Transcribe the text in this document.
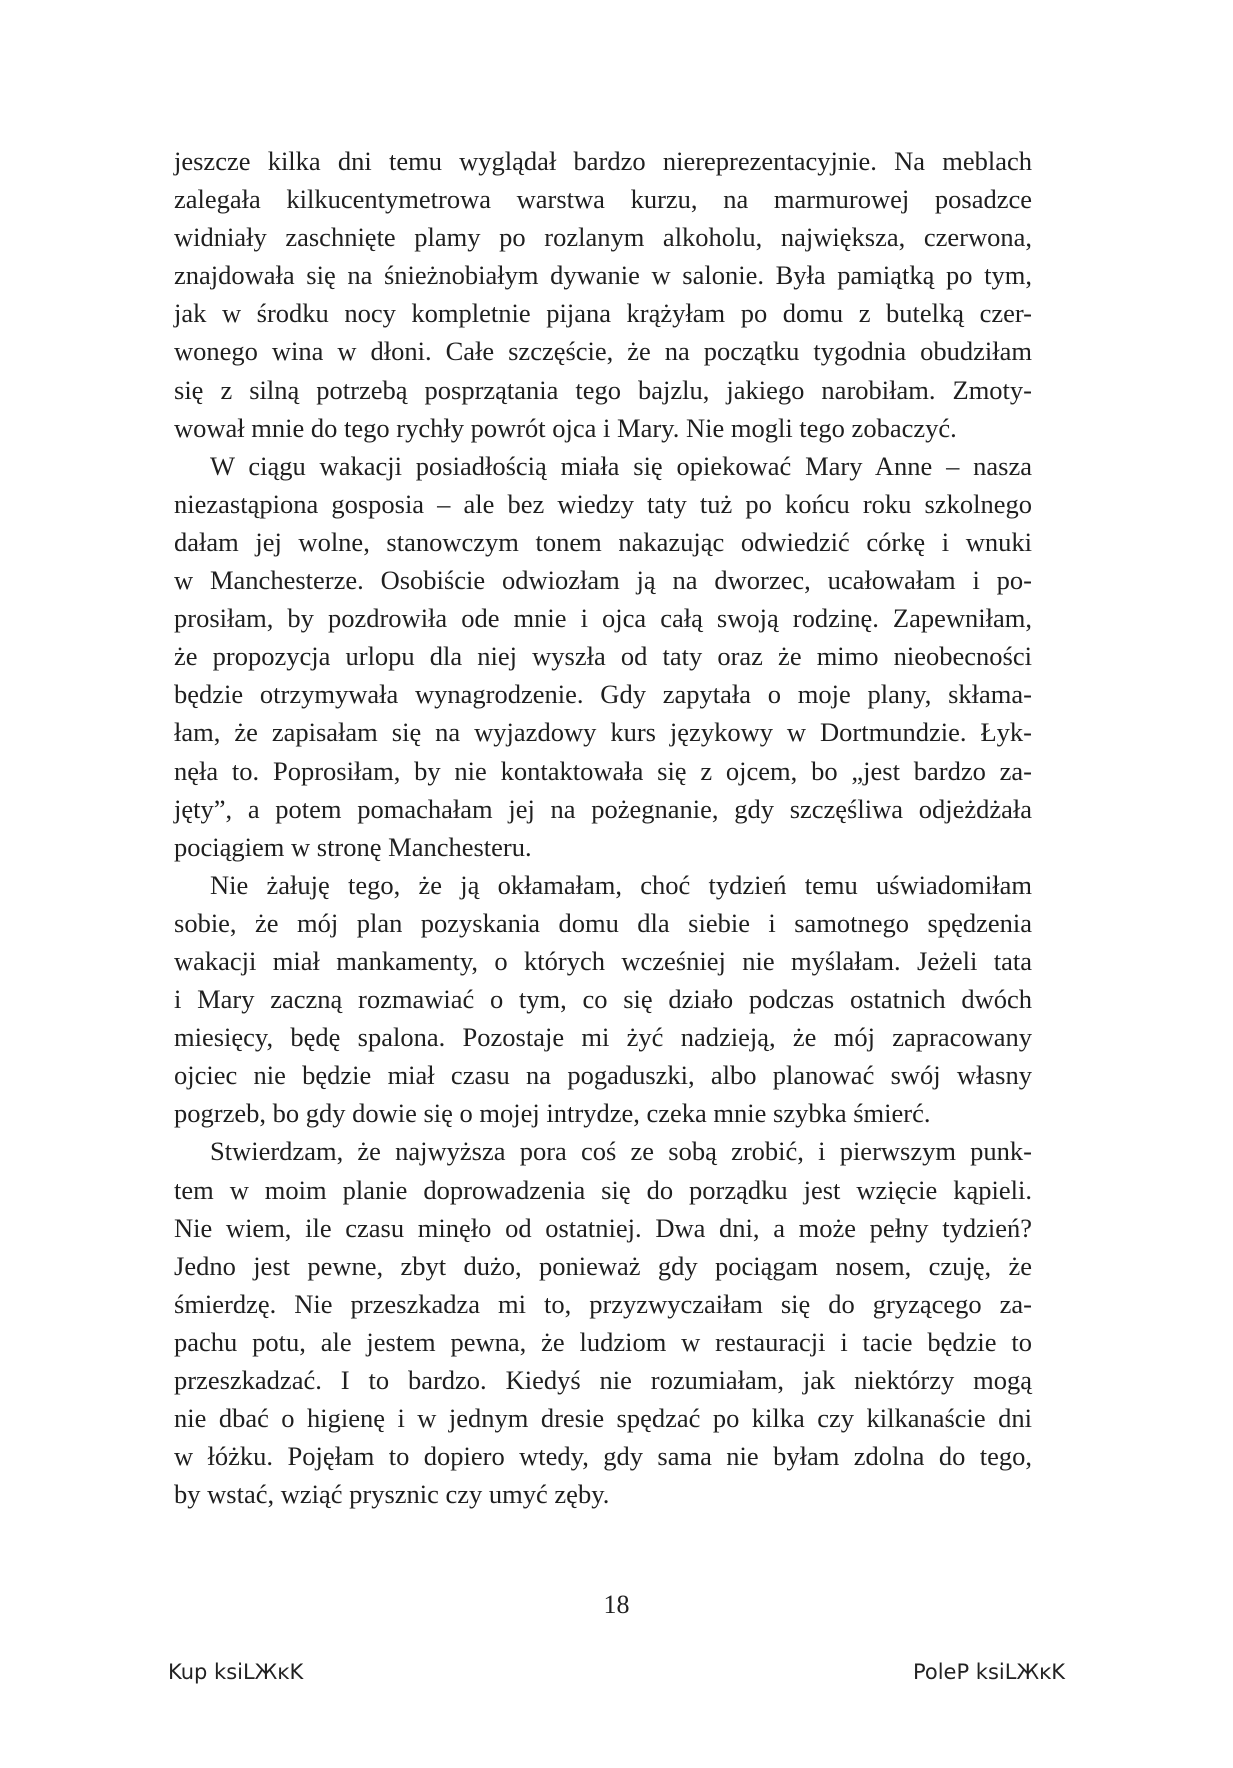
jeszcze kilka dni temu wyglądał bardzo niereprezentacyjnie. Na meblach
zalegała kilkucentymetrowa warstwa kurzu, na marmurowej posadzce
widniały zaschnięte plamy po rozlanym alkoholu, największa, czerwona,
znajdowała się na śnieżnobiałym dywanie w salonie. Była pamiątką po tym,
jak w środku nocy kompletnie pijana krążyłam po domu z butelką czer-
wonego wina w dłoni. Całe szczęście, że na początku tygodnia obudziłam
się z silną potrzebą posprzątania tego bajzlu, jakiego narobiłam. Zmoty-
wował mnie do tego rychły powrót ojca i Mary. Nie mogli tego zobaczyć.
W ciągu wakacji posiadłością miała się opiekować Mary Anne – nasza
niezastąpiona gosposia – ale bez wiedzy taty tuż po końcu roku szkolnego
dałam jej wolne, stanowczym tonem nakazując odwiedzić córkę i wnuki
w Manchesterze. Osobiście odwiozłam ją na dworzec, ucałowałam i po-
prosiłam, by pozdrowiła ode mnie i ojca całą swoją rodzinę. Zapewniłam,
że propozycja urlopu dla niej wyszła od taty oraz że mimo nieobecności
będzie otrzymywała wynagrodzenie. Gdy zapytała o moje plany, skłama-
łam, że zapisałam się na wyjazdowy kurs językowy w Dortmundzie. Łyk-
nęła to. Poprosiłam, by nie kontaktowała się z ojcem, bo „jest bardzo za-
jęty”, a potem pomachałam jej na pożegnanie, gdy szczęśliwa odjeżdżała
pociągiem w stronę Manchesteru.
Nie żałuję tego, że ją okłamałam, choć tydzień temu uświadomiłam
sobie, że mój plan pozyskania domu dla siebie i samotnego spędzenia
wakacji miał mankamenty, o których wcześniej nie myślałam. Jeżeli tata
i Mary zaczną rozmawiać o tym, co się działo podczas ostatnich dwóch
miesięcy, będę spalona. Pozostaje mi żyć nadzieją, że mój zapracowany
ojciec nie będzie miał czasu na pogaduszki, albo planować swój własny
pogrzeb, bo gdy dowie się o mojej intrydze, czeka mnie szybka śmierć.
Stwierdzam, że najwyższa pora coś ze sobą zrobić, i pierwszym punk-
tem w moim planie doprowadzenia się do porządku jest wzięcie kąpieli.
Nie wiem, ile czasu minęło od ostatniej. Dwa dni, a może pełny tydzień?
Jedno jest pewne, zbyt dużo, ponieważ gdy pociągam nosem, czuję, że
śmierdzę. Nie przeszkadza mi to, przyzwyczaiłam się do gryzącego za-
pachu potu, ale jestem pewna, że ludziom w restauracji i tacie będzie to
przeszkadzać. I to bardzo. Kiedyś nie rozumiałam, jak niektórzy mogą
nie dbać o higienę i w jednym dresie spędzać po kilka czy kilkanaście dni
w łóżku. Pojęłam to dopiero wtedy, gdy sama nie byłam zdolna do tego,
by wstać, wziąć prysznic czy umyć zęby.
18
Kup ksiLЖĸK	PoleP ksiLЖĸK
